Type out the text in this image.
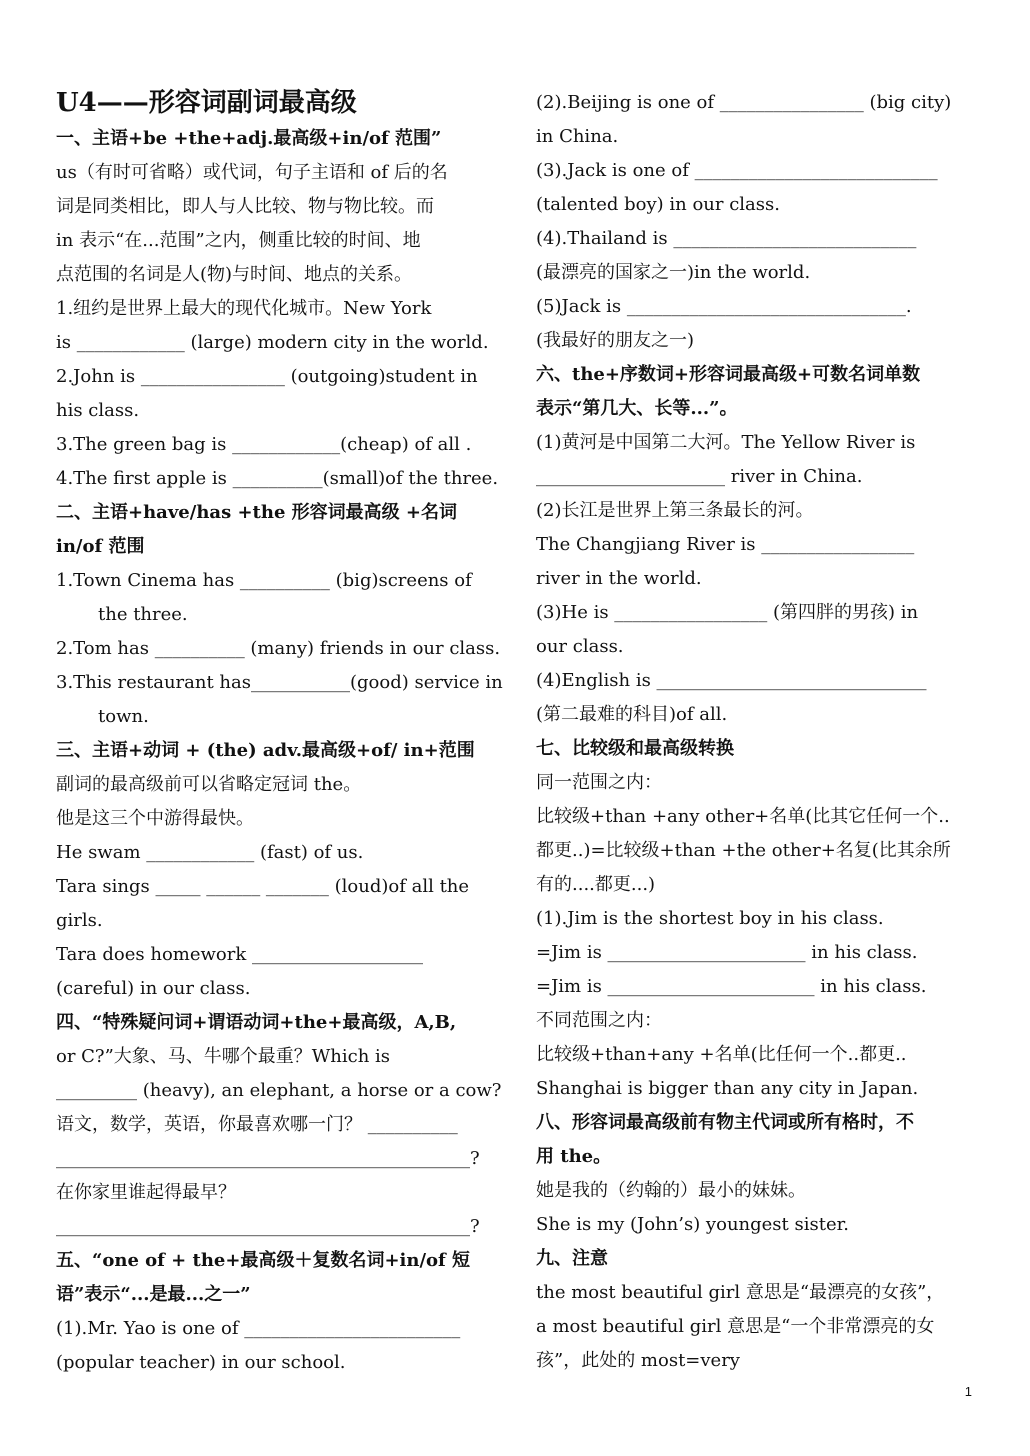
U4——形容词副词最高级
一、主语+be +the+adj.最高级+in/of 范围”
us（有时可省略）或代词，句子主语和 of 后的名
词是同类相比，即人与人比较、物与物比较。而
in 表示“在...范围”之内，侧重比较的时间、地
点范围的名词是人(物)与时间、地点的关系。
1.纽约是世界上最大的现代化城市。New York
is ____________ (large) modern city in the world.
2.John is ________________ (outgoing)student in
his class.
3.The green bag is ____________(cheap) of all .
4.The first apple is __________(small)of the three.
二、主语+have/has +the 形容词最高级 +名词
in/of 范围
1.Town Cinema has __________ (big)screens of
the three.
2.Tom has __________ (many) friends in our class.
3.This restaurant has___________(good) service in
town.
三、主语+动词 + (the) adv.最高级+of/ in+范围
副词的最高级前可以省略定冠词 the。
他是这三个中游得最快。
He swam ____________ (fast) of us.
Tara sings _____ ______ _______ (loud)of all the
girls.
Tara does homework ___________________
(careful) in our class.
四、“特殊疑问词+谓语动词+the+最高级，A,B,
or C?”大象、马、牛哪个最重？Which is
_________ (heavy), an elephant, a horse or a cow?
语文，数学，英语，你最喜欢哪一门？ __________
______________________________________________?
在你家里谁起得最早？
______________________________________________?
五、“one of + the+最高级＋复数名词+in/of 短
语”表示“...是最...之一”
(1).Mr. Yao is one of ________________________
(popular teacher) in our school.
(2).Beijing is one of ________________ (big city)
in China.
(3).Jack is one of ___________________________
(talented boy) in our class.
(4).Thailand is ___________________________
(最漂亮的国家之一)in the world.
(5)Jack is _______________________________.
(我最好的朋友之一)
六、the+序数词+形容词最高级+可数名词单数
表示“第几大、长等...”。
(1)黄河是中国第二大河。The Yellow River is
_____________________ river in China.
(2)长江是世界上第三条最长的河。
The Changjiang River is _________________
river in the world.
(3)He is _________________ (第四胖的男孩) in
our class.
(4)English is ______________________________
(第二最难的科目)of all.
七、比较级和最高级转换
同一范围之内：
比较级+than +any other+名单(比其它任何一个..
都更..)=比较级+than +the other+名复(比其余所
有的....都更...)
(1).Jim is the shortest boy in his class.
=Jim is ______________________ in his class.
=Jim is _______________________ in his class.
不同范围之内：
比较级+than+any +名单(比任何一个..都更..
Shanghai is bigger than any city in Japan.
八、形容词最高级前有物主代词或所有格时，不
用 the。
她是我的（约翰的）最小的妹妹。
She is my (John’s) youngest sister.
九、注意
the most beautiful girl 意思是“最漂亮的女孩”，
a most beautiful girl 意思是“一个非常漂亮的女
孩”，此处的 most=very
1
